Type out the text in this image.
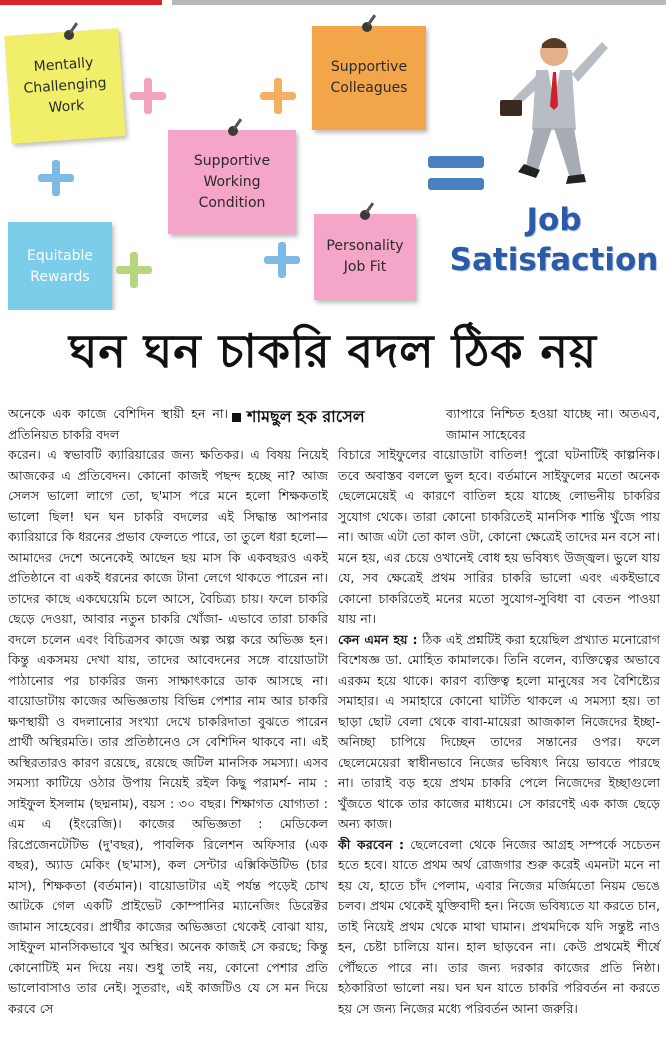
Mentally
Challenging
Work
Supportive
Working
Condition
Supportive
Colleagues
Equitable
Rewards
Personality
Job Fit
Job
Satisfaction
ঘন ঘন চাকরি বদল ঠিক নয়
শামছুল হক রাসেল

অনেকে এক কাজে বেশিদিন স্থায়ী হন না। প্রতিনিয়ত চাকরি বদল

করেন। এ স্বভাবটি ক্যারিয়ারের জন্য ক্ষতিকর। এ বিষয় নিয়েই আজকের এ প্রতিবেদন। কোনো কাজই পছন্দ হচ্ছে না? আজ সেলস ভালো লাগে তো, ছ'মাস পরে মনে হলো শিক্ষকতাই ভালো ছিল! ঘন ঘন চাকরি বদলের এই সিদ্ধান্ত আপনার ক্যারিয়ারে কি ধরনের প্রভাব ফেলতে পারে, তা তুলে ধরা হলো— আমাদের দেশে অনেকেই আছেন ছয় মাস কি একবছরও একই প্রতিষ্ঠানে বা একই ধরনের কাজে টানা লেগে থাকতে পারেন না। তাদের কাছে একঘেয়েমি চলে আসে, বৈচিত্র্য চায়। ফলে চাকরি ছেড়ে দেওয়া, আবার নতুন চাকরি খোঁজা- এভাবে তারা চাকরি বদলে চলেন এবং বিচিত্রসব কাজে অল্প অল্প করে অভিজ্ঞ হন। কিন্তু একসময় দেখা যায়, তাদের আবেদনের সঙ্গে বায়োডাটা পাঠানোর পর চাকরির জন্য সাক্ষাৎকারে ডাক আসছে না। বায়োডাটায় কাজের অভিজ্ঞতায় বিভিন্ন পেশার নাম আর চাকরি ক্ষণস্থায়ী ও বদলানোর সংখ্যা দেখে চাকরিদাতা বুঝতে পারেন প্রার্থী অস্থিরমতি। তার প্রতিষ্ঠানেও সে বেশিদিন থাকবে না। এই অস্থিরতারও কারণ রয়েছে, রয়েছে জটিল মানসিক সমস্যা। এসব সমস্যা কাটিয়ে ওঠার উপায় নিয়েই রইল কিছু পরামর্শ- নাম : সাইফুল ইসলাম (ছদ্মনাম), বয়স : ৩০ বছর। শিক্ষাগত যোগ্যতা : এম এ (ইংরেজি)। কাজের অভিজ্ঞতা : মেডিকেল রিপ্রেজেনটেটিভ (দু'বছর), পাবলিক রিলেশন অফিসার (এক বছর), অ্যাড মেকিং (ছ'মাস), কল সেন্টার এক্সিকিউটিভ (চার মাস), শিক্ষকতা (বর্তমান)। বায়োডাটার এই পর্যন্ত পড়েই চোখ আটকে গেল একটি প্রাইভেট কোম্পানির ম্যানেজিং ডিরেক্টর জামান সাহেবের। প্রার্থীর কাজের অভিজ্ঞতা থেকেই বোঝা যায়, সাইফুল মানসিকভাবে খুব অস্থির। অনেক কাজই সে করছে; কিন্তু কোনোটিই মন দিয়ে নয়। শুধু তাই নয়, কোনো পেশার প্রতি ভালোবাসাও তার নেই। সুতরাং, এই কাজটিও যে সে মন দিয়ে করবে সে

ব্যাপারে নিশ্চিত হওয়া যাচ্ছে না। অতএব, জামান সাহেবের

বিচারে সাইফুলের বায়োডাটা বাতিল! পুরো ঘটনাটিই কাল্পনিক। তবে অবাস্তব বললে ভুল হবে। বর্তমানে সাইফুলের মতো অনেক ছেলেমেয়েই এ কারণে বাতিল হয়ে যাচ্ছে লোভনীয় চাকরির সুযোগ থেকে। তারা কোনো চাকরিতেই মানসিক শান্তি খুঁজে পায় না। আজ এটা তো কাল ওটা, কোনো ক্ষেত্রেই তাদের মন বসে না। মনে হয়, এর চেয়ে ওখানেই বোধ হয় ভবিষ্যৎ উজ্জ্বল। ভুলে যায় যে, সব ক্ষেত্রেই প্রথম সারির চাকরি ভালো এবং একইভাবে কোনো চাকরিতেই মনের মতো সুযোগ-সুবিধা বা বেতন পাওয়া যায় না।

কেন এমন হয় : ঠিক এই প্রশ্নটিই করা হয়েছিল প্রখ্যাত মনোরোগ বিশেষজ্ঞ ডা. মোহিত কামালকে। তিনি বলেন, ব্যক্তিত্বের অভাবে এরকম হয়ে থাকে। কারণ ব্যক্তিত্ব হলো মানুষের সব বৈশিষ্ট্যের সমাহার। এ সমাহারে কোনো ঘাটতি থাকলে এ সমস্যা হয়। তা ছাড়া ছোট বেলা থেকে বাবা-মায়েরা আজকাল নিজেদের ইচ্ছা-অনিচ্ছা চাপিয়ে দিচ্ছেন তাদের সন্তানের ওপর। ফলে ছেলেমেয়েরা স্বাধীনভাবে নিজের ভবিষ্যৎ নিয়ে ভাবতে পারছে না। তারাই বড় হয়ে প্রথম চাকরি পেলে নিজেদের ইচ্ছাগুলো খুঁজতে থাকে তার কাজের মাধ্যমে। সে কারণেই এক কাজ ছেড়ে অন্য কাজ।

কী করবেন : ছেলেবেলা থেকে নিজের আগ্রহ সম্পর্কে সচেতন হতে হবে। যাতে প্রথম অর্থ রোজগার শুরু করেই এমনটা মনে না হয় যে, হাতে চাঁদ পেলাম, এবার নিজের মর্জিমতো নিয়ম ভেঙে চলব। প্রথম থেকেই যুক্তিবাদী হন। নিজে ভবিষ্যতে যা করতে চান, তাই নিয়েই প্রথম থেকে মাথা ঘামান। প্রথমদিকে যদি সন্তুষ্ট নাও হন, চেষ্টা চালিয়ে যান। হাল ছাড়বেন না। কেউ প্রথমেই শীর্ষে পৌঁছতে পারে না। তার জন্য দরকার কাজের প্রতি নিষ্ঠা। হঠকারিতা ভালো নয়। ঘন ঘন যাতে চাকরি পরিবর্তন না করতে হয় সে জন্য নিজের মধ্যে পরিবর্তন আনা জরুরি।
